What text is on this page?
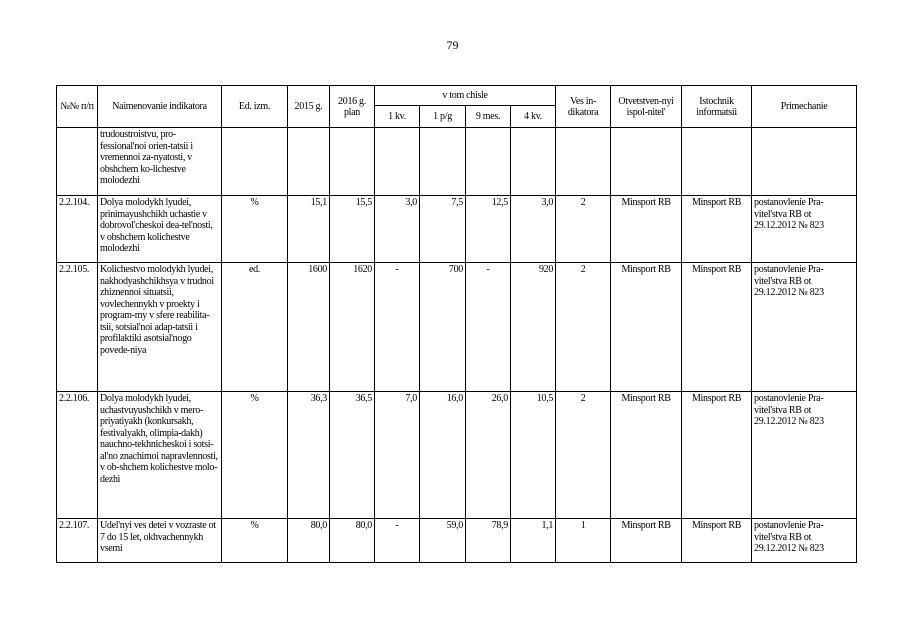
79
№№ п/п	Naimenovanie indikatora	Ed. izm.	2015 g.	2016 g. plan	v tom chisle				Ves in-dikatora	Otvetstven-nyi ispol-nitel'	Istochnik informatsii	Primechanie
					1 kv.	1 p/g	9 mes.	4 kv.				
	trudoustroistvu, pro-fessional'noi orien-tatsii i vremennoi za-nyatosti, v obshchem ko-lichestve molodezhi											
2.2.104.	Dolya molodykh lyudei, prinimayushchikh uchastie v dobrovol'cheskoi dea-tel'nosti, v obshchem kolichestve molodezhi	%	15,1	15,5	3,0	7,5	12,5	3,0	2	Minsport RB	Minsport RB	postanovlenie Pra-vitel'stva RB ot 29.12.2012 № 823
2.2.105.	Kolichestvo molodykh lyudei, nakhodyashchikhsya v trudnoi zhiznennoi situatsii, vovlechennykh v proekty i program-my v sfere reabilita-tsii, sotsial'noi adap-tatsii i profilaktiki asotsial'nogo povede-niya	ed.	1600	1620	-	700	-	920	2	Minsport RB	Minsport RB	postanovlenie Pra-vitel'stva RB ot 29.12.2012 № 823
2.2.106.	Dolya molodykh lyudei, uchastvuyushchikh v mero-priyatiyakh (konkursakh, festivalyakh, olimpia-dakh) nauchno-tekhnicheskoi i sotsi-al'no znachimoi napravlennosti, v ob-shchem kolichestve molo-dezhi	%	36,3	36,5	7,0	16,0	26,0	10,5	2	Minsport RB	Minsport RB	postanovlenie Pra-vitel'stva RB ot 29.12.2012 № 823
2.2.107.	Udel'nyi ves detei v vozraste ot 7 do 15 let, okhvachennykh vsemi	%	80,0	80,0	-	59,0	78,9	1,1	1	Minsport RB	Minsport RB	postanovlenie Pra-vitel'stva RB ot 29.12.2012 № 823
